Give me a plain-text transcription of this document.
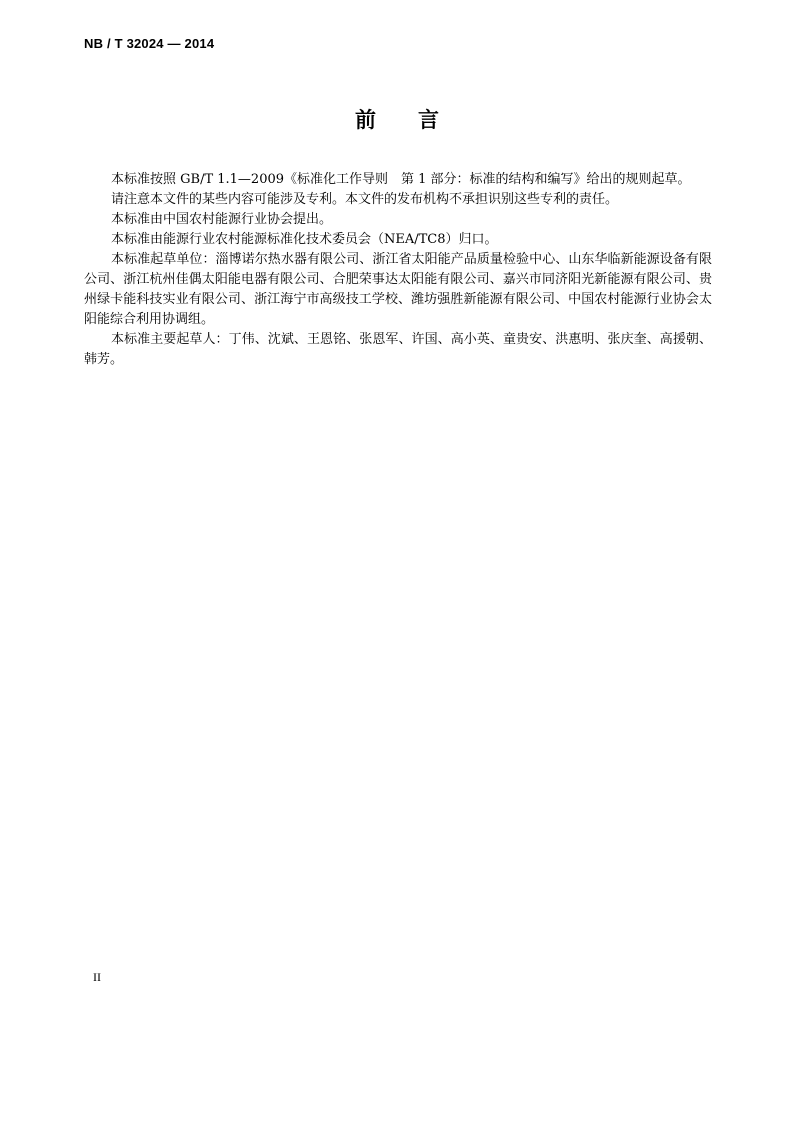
NB / T 32024 — 2014
前 言

本标准按照 GB/T 1.1—2009《标准化工作导则　第 1 部分：标准的结构和编写》给出的规则起草。

请注意本文件的某些内容可能涉及专利。本文件的发布机构不承担识别这些专利的责任。

本标准由中国农村能源行业协会提出。

本标准由能源行业农村能源标准化技术委员会（NEA/TC8）归口。

本标准起草单位：淄博诺尔热水器有限公司、浙江省太阳能产品质量检验中心、山东华临新能源设备有限公司、浙江杭州佳偶太阳能电器有限公司、合肥荣事达太阳能有限公司、嘉兴市同济阳光新能源有限公司、贵州绿卡能科技实业有限公司、浙江海宁市高级技工学校、潍坊强胜新能源有限公司、中国农村能源行业协会太阳能综合利用协调组。

本标准主要起草人：丁伟、沈斌、王恩铭、张恩军、许国、高小英、童贵安、洪惠明、张庆奎、高援朝、韩芳。

II
